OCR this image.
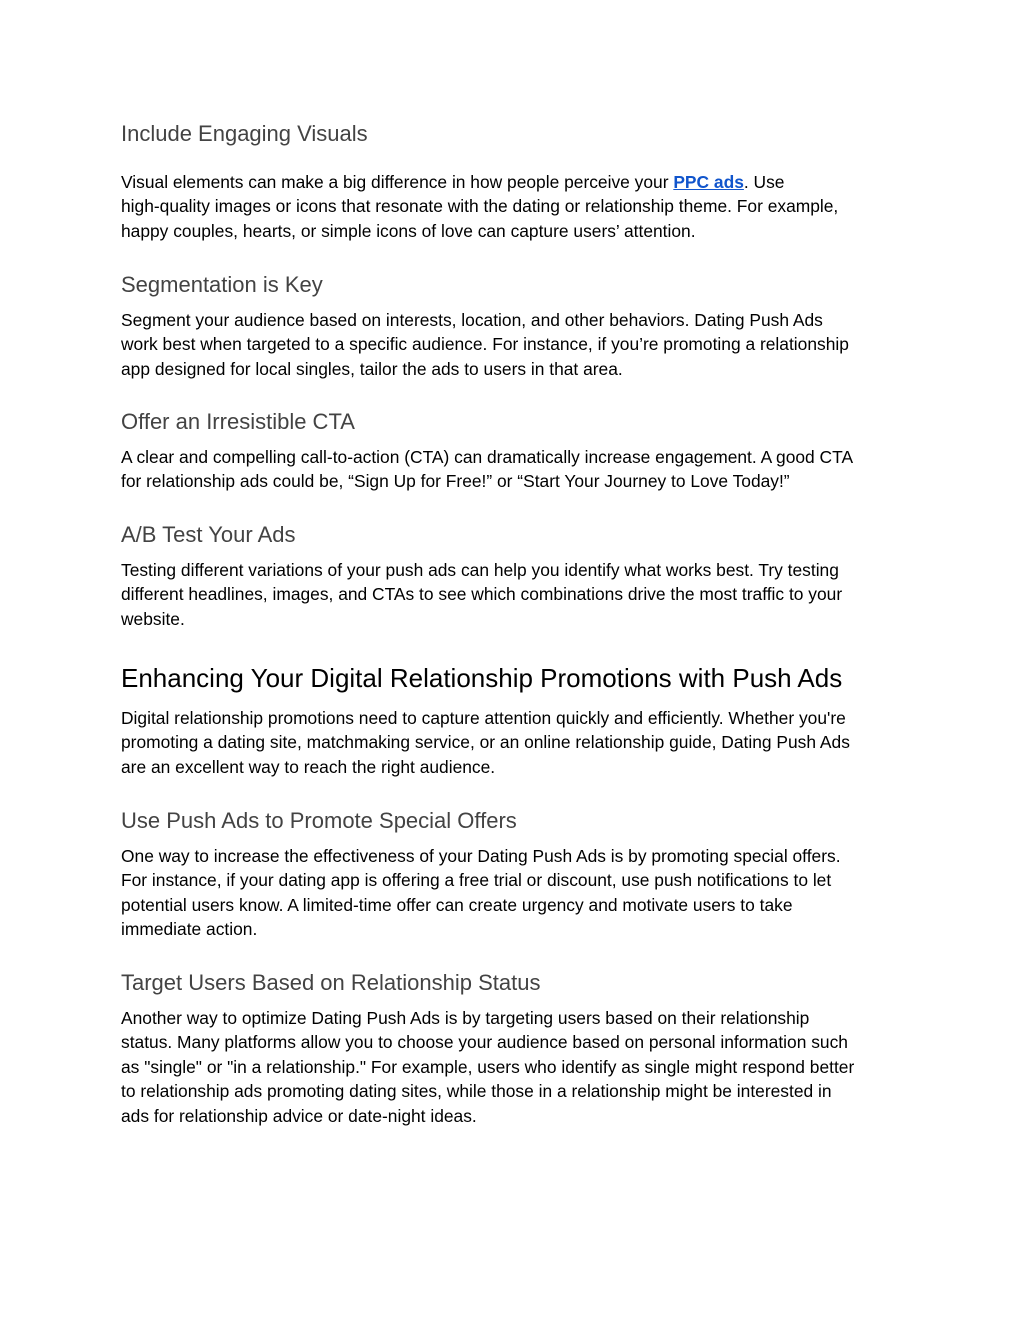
Include Engaging Visuals
Visual elements can make a big difference in how people perceive your PPC ads. Use
high-quality images or icons that resonate with the dating or relationship theme. For example,
happy couples, hearts, or simple icons of love can capture users’ attention.
Segmentation is Key
Segment your audience based on interests, location, and other behaviors. Dating Push Ads
work best when targeted to a specific audience. For instance, if you’re promoting a relationship
app designed for local singles, tailor the ads to users in that area.
Offer an Irresistible CTA
A clear and compelling call-to-action (CTA) can dramatically increase engagement. A good CTA
for relationship ads could be, “Sign Up for Free!” or “Start Your Journey to Love Today!”
A/B Test Your Ads
Testing different variations of your push ads can help you identify what works best. Try testing
different headlines, images, and CTAs to see which combinations drive the most traffic to your
website.
Enhancing Your Digital Relationship Promotions with Push Ads
Digital relationship promotions need to capture attention quickly and efficiently. Whether you're
promoting a dating site, matchmaking service, or an online relationship guide, Dating Push Ads
are an excellent way to reach the right audience.
Use Push Ads to Promote Special Offers
One way to increase the effectiveness of your Dating Push Ads is by promoting special offers.
For instance, if your dating app is offering a free trial or discount, use push notifications to let
potential users know. A limited-time offer can create urgency and motivate users to take
immediate action.
Target Users Based on Relationship Status
Another way to optimize Dating Push Ads is by targeting users based on their relationship
status. Many platforms allow you to choose your audience based on personal information such
as "single" or "in a relationship." For example, users who identify as single might respond better
to relationship ads promoting dating sites, while those in a relationship might be interested in
ads for relationship advice or date-night ideas.
